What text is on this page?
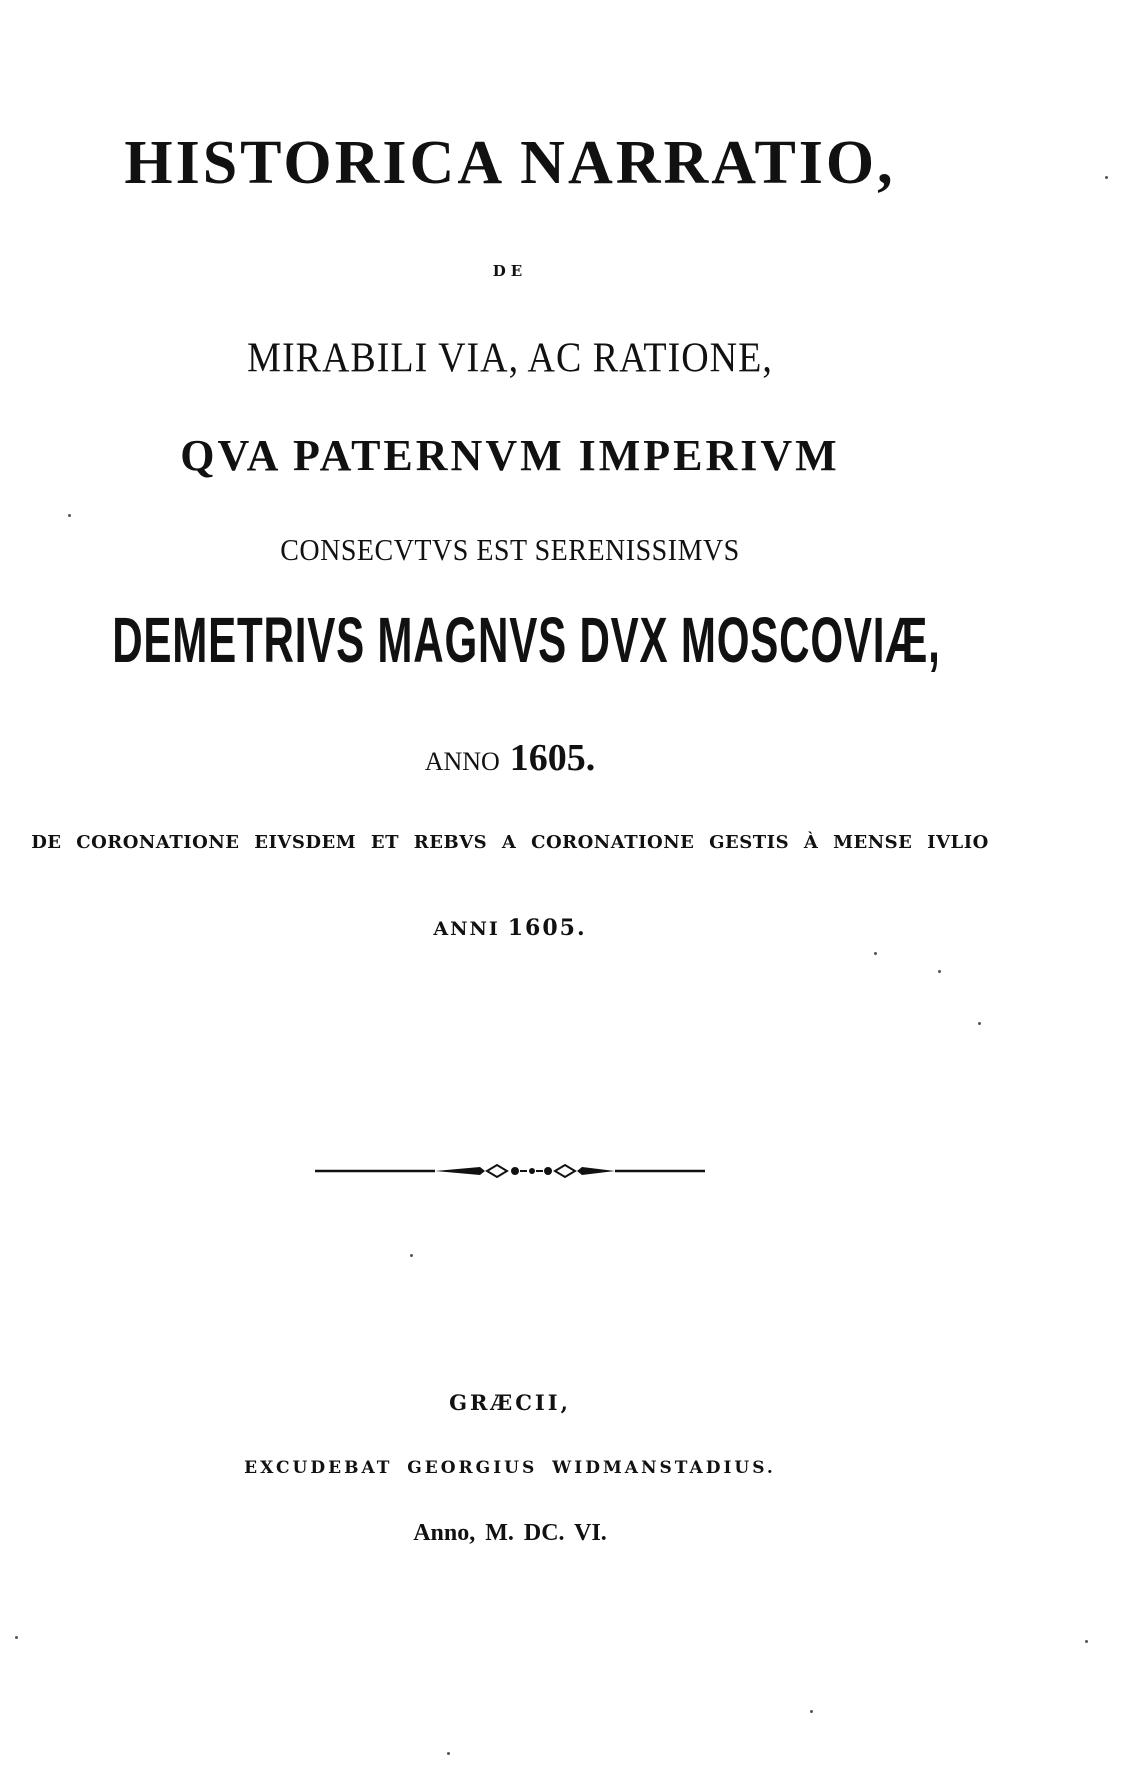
HISTORICA NARRATIO,
DE
MIRABILI VIA, AC RATIONE,
QVA PATERNVM IMPERIVM
CONSECVTVS EST SERENISSIMVS
DEMETRIVS MAGNVS DVX MOSCOVIÆ,
ANNO 1605.
DE CORONATIONE EIVSDEM ET REBVS A CORONATIONE GESTIS À MENSE IVLIO
ANNI 1605.
GRÆCII,
EXCUDEBAT GEORGIUS WIDMANSTADIUS.
Anno, M. DC. VI.
